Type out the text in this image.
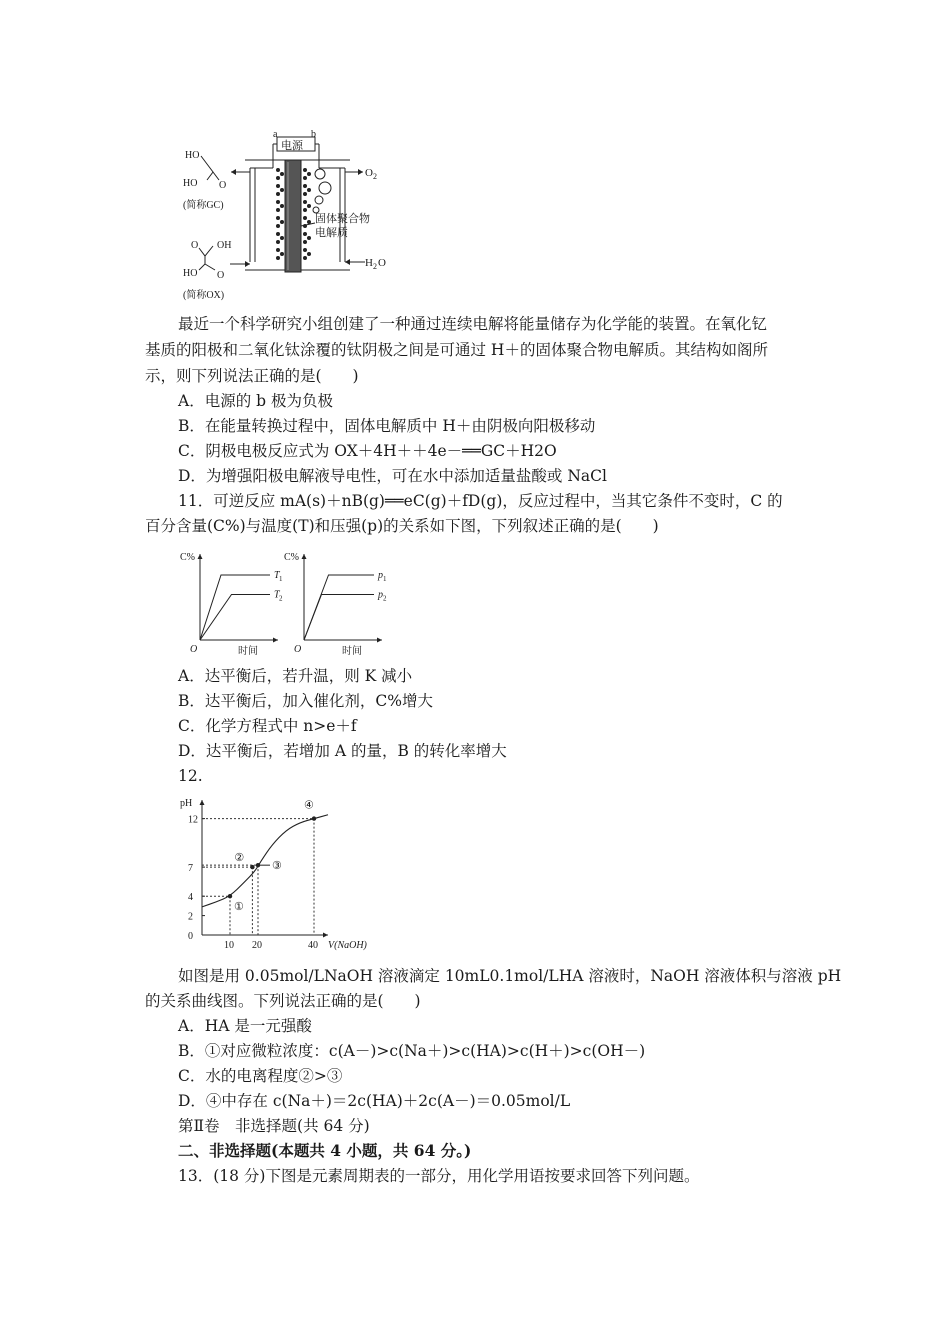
电源
a	b
O 2
H 2 O
固体聚合物
电解质
HO
HO O
(简称GC)
O OH
HO O
(简称OX)
最近一个科学研究小组创建了一种通过连续电解将能量储存为化学能的装置。在氧化钇
基质的阳极和二氧化钛涂覆的钛阴极之间是可通过 H＋的固体聚合物电解质。其结构如阁所
示，则下列说法正确的是(　　)
A．电源的 b 极为负极
B．在能量转换过程中，固体电解质中 H＋由阴极向阳极移动
C．阴极电极反应式为 OX＋4H＋＋4e－══GC＋H2O
D．为增强阳极电解液导电性，可在水中添加适量盐酸或 NaCl
11．可逆反应 mA(s)＋nB(g)══eC(g)＋fD(g)，反应过程中，当其它条件不变时，C 的
百分含量(C%)与温度(T)和压强(p)的关系如下图，下列叙述正确的是(　　)
C%
时间
O
T 1
T 2
C%
时间
O
p 1
p 2
A．达平衡后，若升温，则 K 减小
B．达平衡后，加入催化剂，C%增大
C．化学方程式中 n>e＋f
D．达平衡后，若增加 A 的量，B 的转化率增大
12.
pH
V(NaOH)
0
2
4
7
12
10 20	40
①
②
③
④
如图是用 0.05mol/LNaOH 溶液滴定 10mL0.1mol/LHA 溶液时，NaOH 溶液体积与溶液 pH
的关系曲线图。下列说法正确的是(　　)
A．HA 是一元强酸
B．①对应微粒浓度：c(A－)>c(Na＋)>c(HA)>c(H＋)>c(OH－)
C．水的电离程度②>③
D．④中存在 c(Na＋)＝2c(HA)＋2c(A－)＝0.05mol/L
第Ⅱ卷　非选择题(共 64 分)
二、非选择题(本题共 4 小题，共 64 分。)
13．(18 分)下图是元素周期表的一部分，用化学用语按要求回答下列问题。
